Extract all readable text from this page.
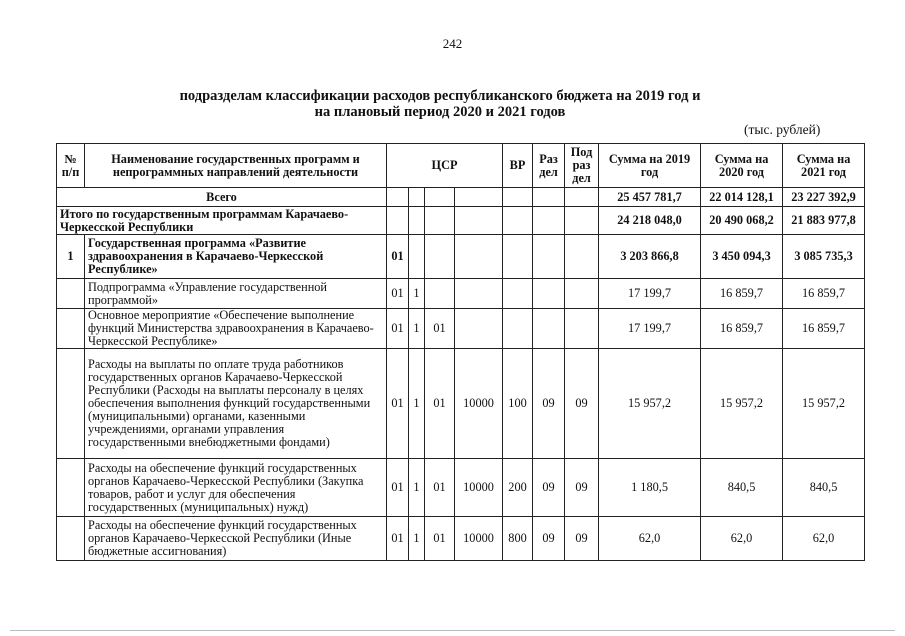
242
подразделам классификации расходов республиканского бюджета на 2019 год и
на плановый период 2020 и 2021 годов
(тыс. рублей)
№ п/п	Наименование государственных программ и непрограммных направлений деятельности	ЦСР				ВР	Раз дел	Под раз дел	Сумма на 2019 год	Сумма на 2020 год	Сумма на 2021 год
Всего									25 457 781,7	22 014 128,1	23 227 392,9
Итого по государственным программам Карачаево-Черкесской Республики									24 218 048,0	20 490 068,2	21 883 977,8
1	Государственная программа «Развитие здравоохранения в Карачаево-Черкесской Республике»	01							3 203 866,8	3 450 094,3	3 085 735,3
	Подпрограмма «Управление государственной программой»	01	1						17 199,7	16 859,7	16 859,7
	Основное мероприятие «Обеспечение выполнение функций Министерства здравоохранения в Карачаево-Черкесской Республике»	01	1	01					17 199,7	16 859,7	16 859,7
	Расходы на выплаты по оплате труда работников государственных органов Карачаево-Черкесской Республики (Расходы на выплаты персоналу в целях обеспечения выполнения функций государственными (муниципальными) органами, казенными учреждениями, органами управления государственными внебюджетными фондами)	01	1	01	10000	100	09	09	15 957,2	15 957,2	15 957,2
	Расходы на обеспечение функций государственных органов Карачаево-Черкесской Республики (Закупка товаров, работ и услуг для обеспечения государственных (муниципальных) нужд)	01	1	01	10000	200	09	09	1 180,5	840,5	840,5
	Расходы на обеспечение функций государственных органов Карачаево-Черкесской Республики (Иные бюджетные ассигнования)	01	1	01	10000	800	09	09	62,0	62,0	62,0
